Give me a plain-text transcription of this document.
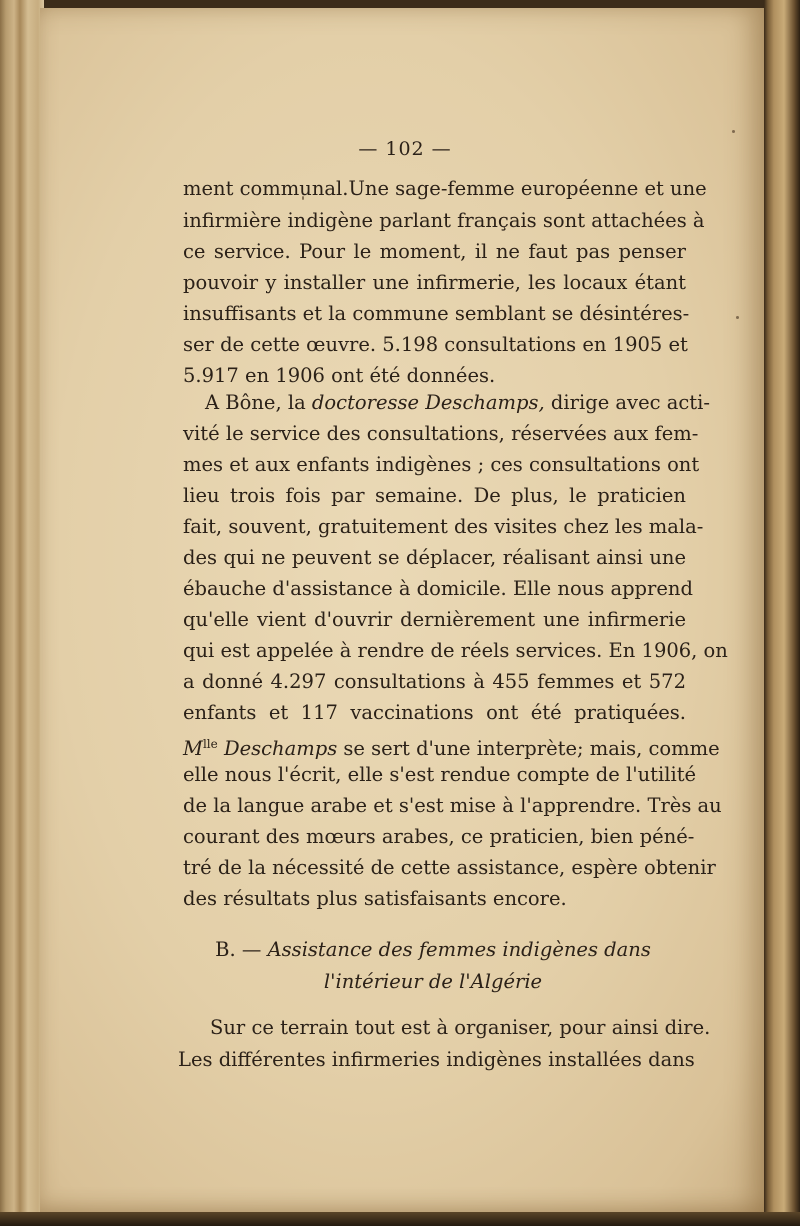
— 102 —
ment communal.Une sage-femme européenne et une
infirmière indigène parlant français sont attachées à
ce service. Pour le moment, il ne faut pas penser
pouvoir y installer une infirmerie, les locaux étant
insuffisants et la commune semblant se désintéres-
ser de cette œuvre. 5.198 consultations en 1905 et
5.917 en 1906 ont été données.
A Bône, la doctoresse Deschamps, dirige avec acti-
vité le service des consultations, réservées aux fem-
mes et aux enfants indigènes ; ces consultations ont
lieu trois fois par semaine. De plus, le praticien
fait, souvent, gratuitement des visites chez les mala-
des qui ne peuvent se déplacer, réalisant ainsi une
ébauche d'assistance à domicile. Elle nous apprend
qu'elle vient d'ouvrir dernièrement une infirmerie
qui est appelée à rendre de réels services. En 1906, on
a donné 4.297 consultations à 455 femmes et 572
enfants et 117 vaccinations ont été pratiquées.
$M^{lle}$ Deschamps se sert d'une interprète; mais, comme
elle nous l'écrit, elle s'est rendue compte de l'utilité
de la langue arabe et s'est mise à l'apprendre. Très au
courant des mœurs arabes, ce praticien, bien péné-
tré de la nécessité de cette assistance, espère obtenir
des résultats plus satisfaisants encore.
B. — Assistance des femmes indigènes dans
l'intérieur de l'Algérie
Sur ce terrain tout est à organiser, pour ainsi dire.
Les différentes infirmeries indigènes installées dans
